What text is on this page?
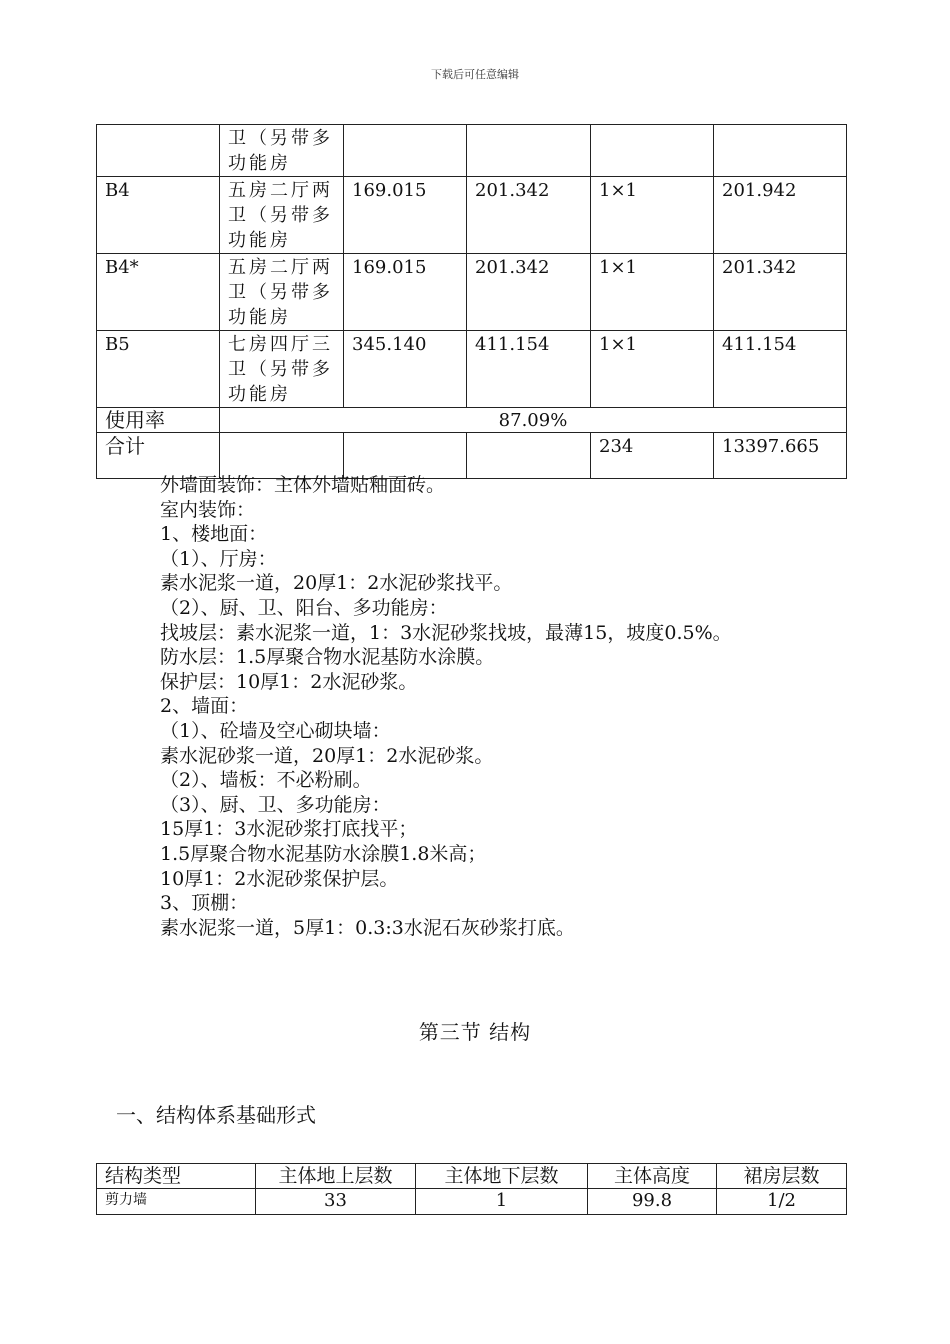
下载后可任意编辑
	卫（另带多功能房				
B4	五房二厅两卫（另带多功能房	169.015	201.342	1×1	201.942
B4*	五房二厅两卫（另带多功能房	169.015	201.342	1×1	201.342
B5	七房四厅三卫（另带多功能房	345.140	411.154	1×1	411.154
使用率	87.09%				
合计				234	13397.665
外墙面装饰：主体外墙贴釉面砖。
室内装饰：
1、楼地面：
（1）、厅房：
素水泥浆一道，20厚1：2水泥砂浆找平。
（2）、厨、卫、阳台、多功能房：
找坡层：素水泥浆一道，1：3水泥砂浆找坡，最薄15，坡度0.5%。
防水层：1.5厚聚合物水泥基防水涂膜。
保护层：10厚1：2水泥砂浆。
2、墙面：
（1）、砼墙及空心砌块墙：
素水泥砂浆一道，20厚1：2水泥砂浆。
（2）、墙板：不必粉刷。
（3）、厨、卫、多功能房：
15厚1：3水泥砂浆打底找平；
1.5厚聚合物水泥基防水涂膜1.8米高；
10厚1：2水泥砂浆保护层。
3、顶棚：
素水泥浆一道，5厚1：0.3:3水泥石灰砂浆打底。
第三节 结构
一、结构体系基础形式
结构类型	主体地上层数	主体地下层数	主体高度	裙房层数
剪力墙	33	1	99.8	1/2
